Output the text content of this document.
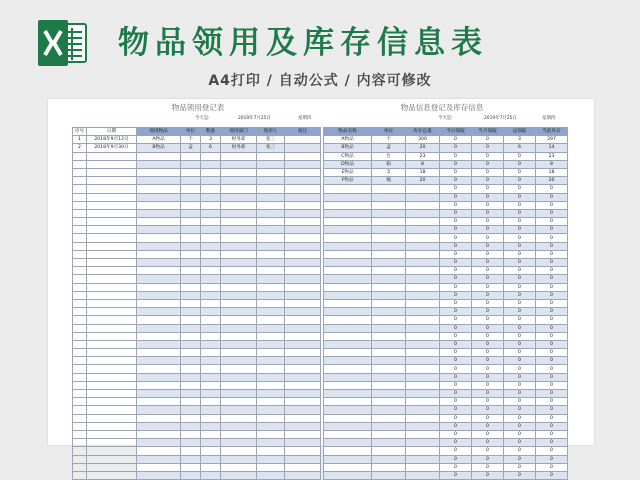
物品领用及库存信息表
A4打印 / 自动公式 / 内容可修改
物品领用登记表
今天是:	2019年7月25日	星期四
物品信息登记及库存信息
今天是:	2019年7月25日	星期四
序号	日期	领用物品	单位	数量	领用部门	领用人	备注
1	2018年9月12日	A物品	个	3	财务部	张三	
2	2018年9月30日	B物品	盒	6	财务部	张三	

物品名称	单位	库存总量	今日领取	当月领取	总领取	当前库存
A物品	个	300	0	0	3	297
B物品	盒	20	0	0	6	14
C物品	台	23	0	0	0	23
D物品	箱	8	0	0	0	8
E物品	支	18	0	0	0	18
F物品	桶	20	0	0	0	20
			0	0	0	0
			0	0	0	0
			0	0	0	0
			0	0	0	0
			0	0	0	0
			0	0	0	0
			0	0	0	0
			0	0	0	0
			0	0	0	0
			0	0	0	0
			0	0	0	0
			0	0	0	0
			0	0	0	0
			0	0	0	0
			0	0	0	0
			0	0	0	0
			0	0	0	0
			0	0	0	0
			0	0	0	0
			0	0	0	0
			0	0	0	0
			0	0	0	0
			0	0	0	0
			0	0	0	0
			0	0	0	0
			0	0	0	0
			0	0	0	0
			0	0	0	0
			0	0	0	0
			0	0	0	0
			0	0	0	0
			0	0	0	0
			0	0	0	0
			0	0	0	0
			0	0	0	0
			0	0	0	0
